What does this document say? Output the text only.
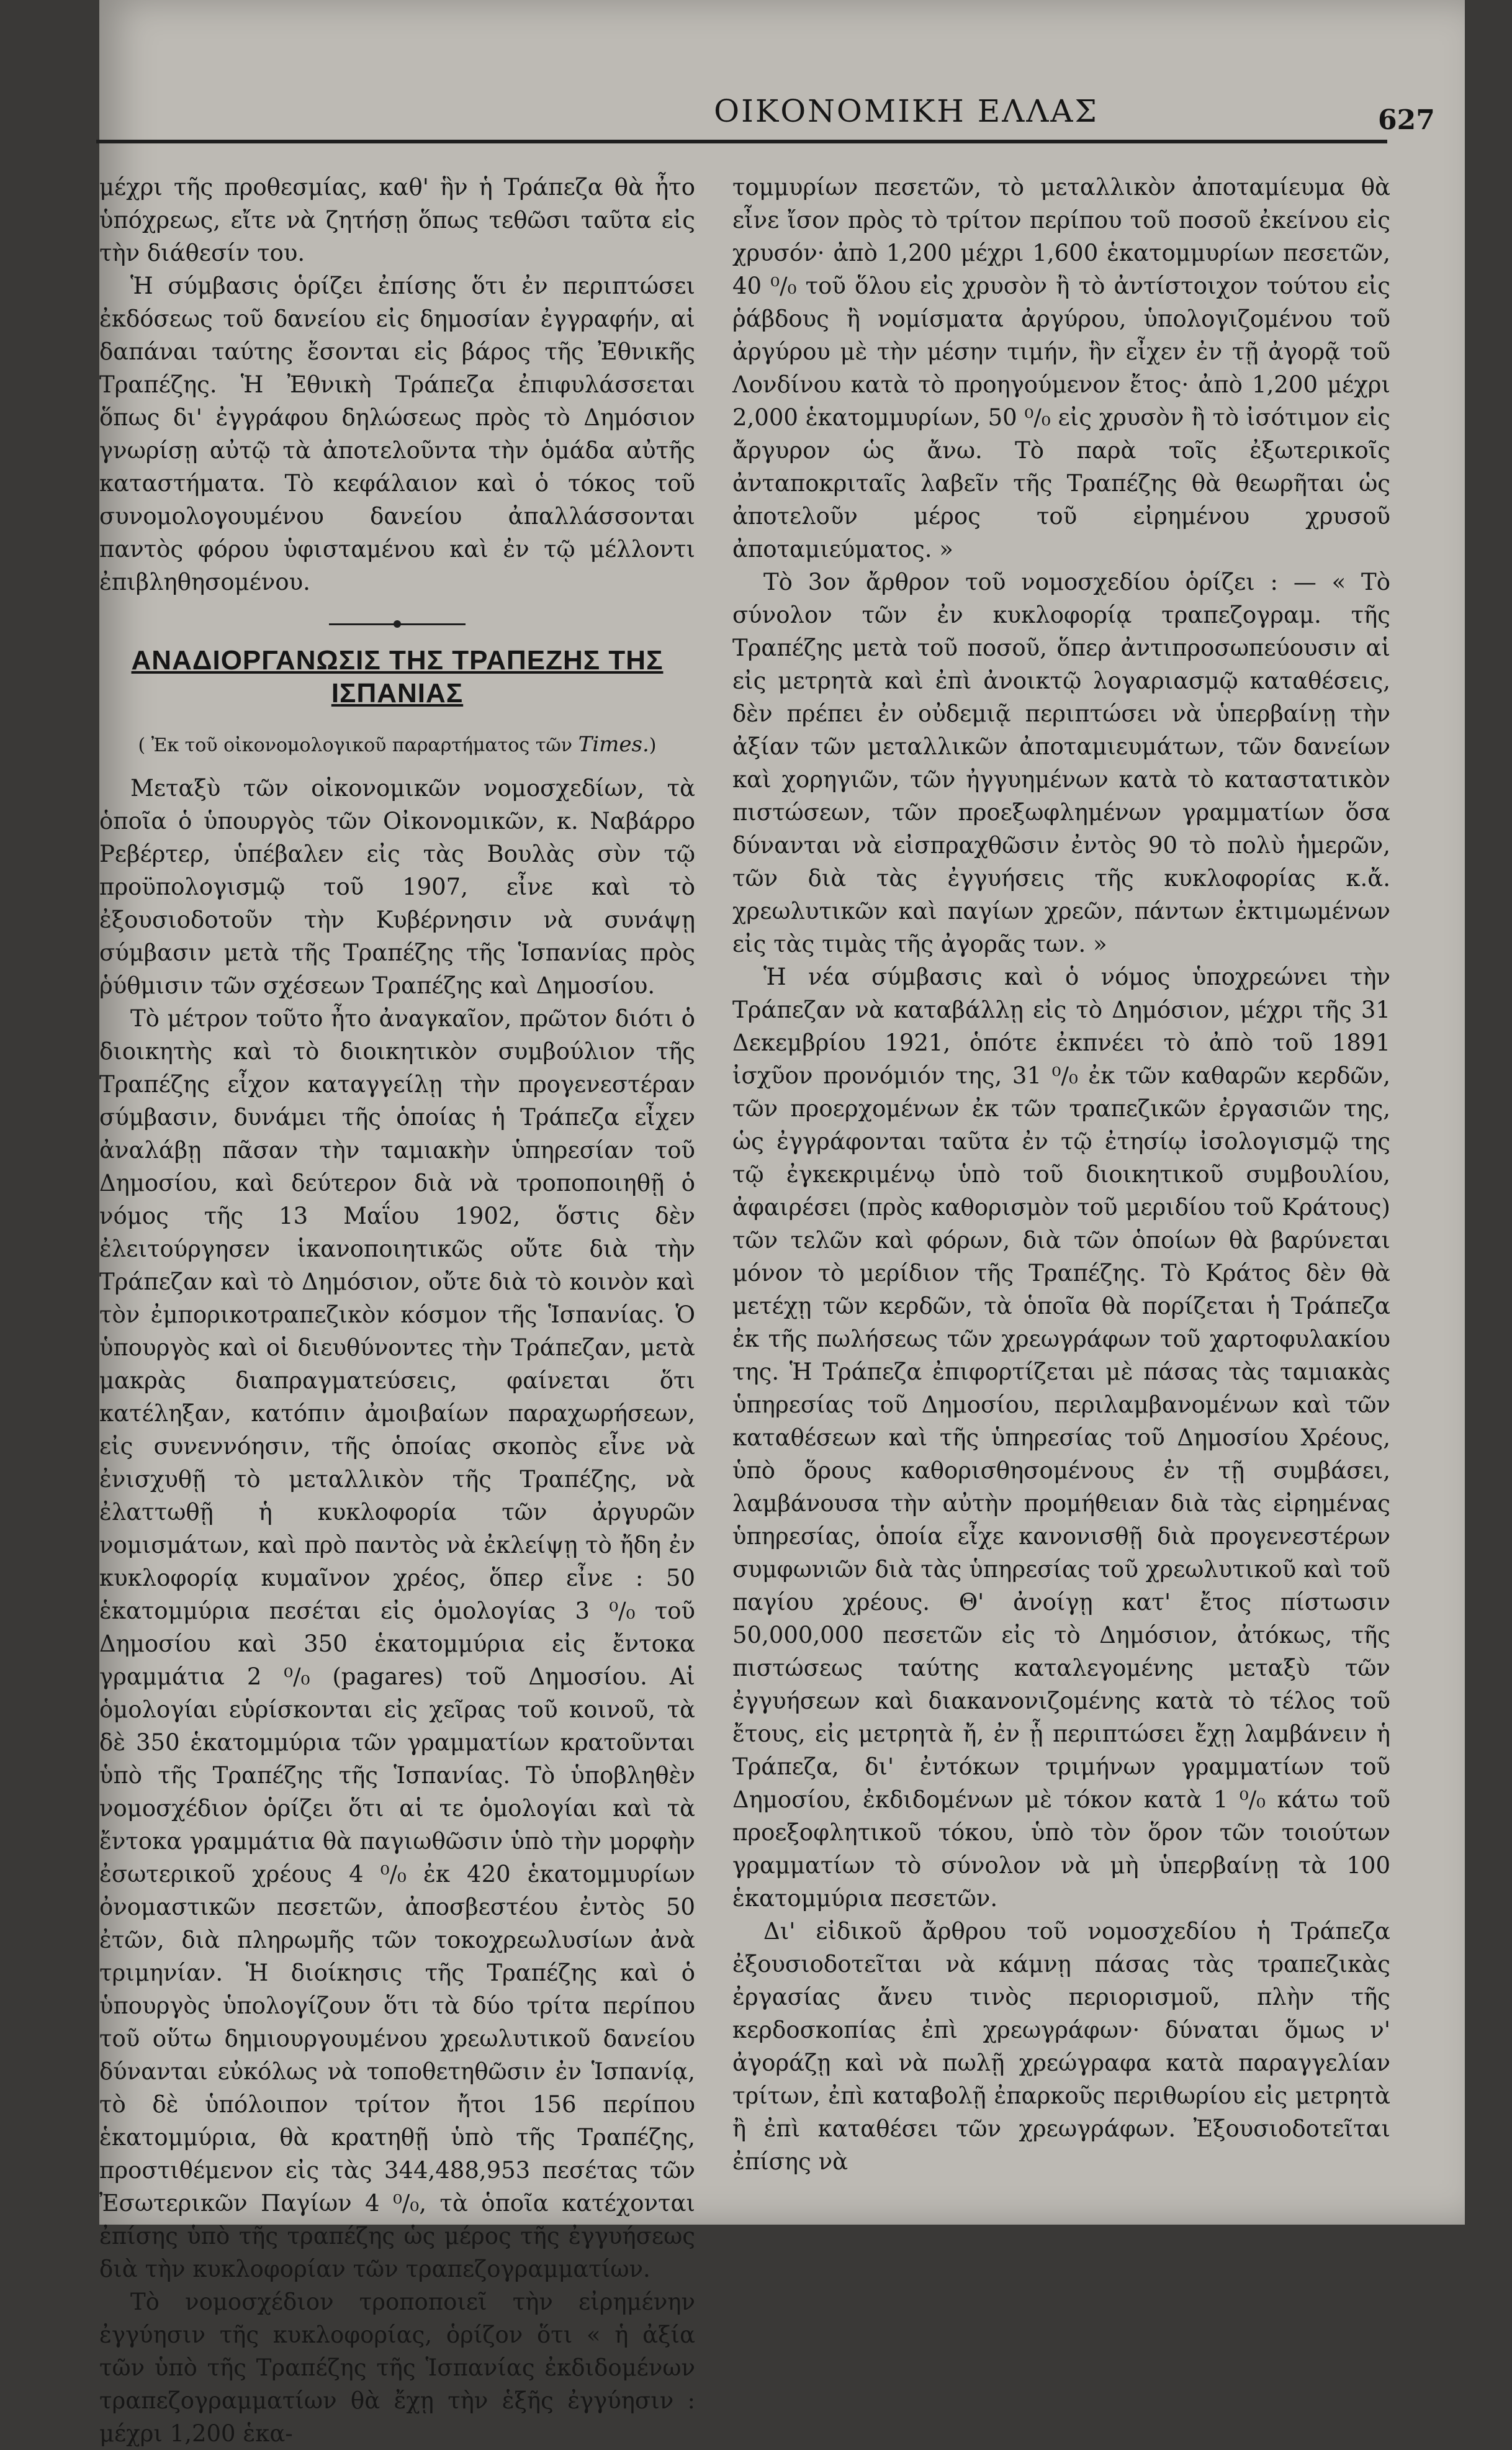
ΟΙΚΟΝΟΜΙΚΗ ΕΛΛΑΣ	627

μέχρι τῆς προθεσμίας, καθ' ἣν ἡ Τράπεζα θὰ ἦτο ὑπόχρεως, εἴτε νὰ ζητήσῃ ὅπως τεθῶσι ταῦτα εἰς τὴν διάθεσίν του.

Ἡ σύμβασις ὁρίζει ἐπίσης ὅτι ἐν περιπτώσει ἐκδόσεως τοῦ δανείου εἰς δημοσίαν ἐγγραφήν, αἱ δαπάναι ταύτης ἔσονται εἰς βάρος τῆς Ἐθνικῆς Τραπέζης. Ἡ Ἐθνικὴ Τράπεζα ἐπιφυλάσσεται ὅπως δι' ἐγγράφου δηλώσεως πρὸς τὸ Δημόσιον γνωρίσῃ αὐτῷ τὰ ἀποτελοῦντα τὴν ὁμάδα αὐτῆς καταστήματα. Τὸ κεφάλαιον καὶ ὁ τόκος τοῦ συνομολογουμένου δανείου ἀπαλλάσσονται παντὸς φόρου ὑφισταμένου καὶ ἐν τῷ μέλλοντι ἐπιβληθησομένου.

ΑΝΑΔΙΟΡΓΑΝΩΣΙΣ ΤΗΣ ΤΡΑΠΕΖΗΣ ΤΗΣ ΙΣΠΑΝΙΑΣ
( Ἐκ τοῦ οἰκονομολογικοῦ παραρτήματος τῶν Times.)

Μεταξὺ τῶν οἰκονομικῶν νομοσχεδίων, τὰ ὁποῖα ὁ ὑπουργὸς τῶν Οἰκονομικῶν, κ. Ναβάρρο Ρεβέρτερ, ὑπέβαλεν εἰς τὰς Βουλὰς σὺν τῷ προϋπολογισμῷ τοῦ 1907, εἶνε καὶ τὸ ἐξουσιοδοτοῦν τὴν Κυβέρνησιν νὰ συνάψῃ σύμβασιν μετὰ τῆς Τραπέζης τῆς Ἱσπανίας πρὸς ῥύθμισιν τῶν σχέσεων Τραπέζης καὶ Δημοσίου.

Τὸ μέτρον τοῦτο ἦτο ἀναγκαῖον, πρῶτον διότι ὁ διοικητὴς καὶ τὸ διοικητικὸν συμβούλιον τῆς Τραπέζης εἶχον καταγγείλῃ τὴν προγενεστέραν σύμβασιν, δυνάμει τῆς ὁποίας ἡ Τράπεζα εἶχεν ἀναλάβῃ πᾶσαν τὴν ταμιακὴν ὑπηρεσίαν τοῦ Δημοσίου, καὶ δεύτερον διὰ νὰ τροποποιηθῇ ὁ νόμος τῆς 13 Μαΐου 1902, ὅστις δὲν ἐλειτούργησεν ἱκανοποιητικῶς οὔτε διὰ τὴν Τράπεζαν καὶ τὸ Δημόσιον, οὔτε διὰ τὸ κοινὸν καὶ τὸν ἐμπορικοτραπεζικὸν κόσμον τῆς Ἱσπανίας. Ὁ ὑπουργὸς καὶ οἱ διευθύνοντες τὴν Τράπεζαν, μετὰ μακρὰς διαπραγματεύσεις, φαίνεται ὅτι κατέληξαν, κατόπιν ἀμοιβαίων παραχωρήσεων, εἰς συνεννόησιν, τῆς ὁποίας σκοπὸς εἶνε νὰ ἐνισχυθῇ τὸ μεταλλικὸν τῆς Τραπέζης, νὰ ἐλαττωθῇ ἡ κυκλοφορία τῶν ἀργυρῶν νομισμάτων, καὶ πρὸ παντὸς νὰ ἐκλείψῃ τὸ ἤδη ἐν κυκλοφορίᾳ κυμαῖνον χρέος, ὅπερ εἶνε : 50 ἑκατομμύρια πεσέται εἰς ὁμολογίας 3 ⁰/₀ τοῦ Δημοσίου καὶ 350 ἑκατομμύρια εἰς ἔντοκα γραμμάτια 2 ⁰/₀ (pagares) τοῦ Δημοσίου. Αἱ ὁμολογίαι εὑρίσκονται εἰς χεῖρας τοῦ κοινοῦ, τὰ δὲ 350 ἑκατομμύρια τῶν γραμματίων κρατοῦνται ὑπὸ τῆς Τραπέζης τῆς Ἱσπανίας. Τὸ ὑποβληθὲν νομοσχέδιον ὁρίζει ὅτι αἱ τε ὁμολογίαι καὶ τὰ ἔντοκα γραμμάτια θὰ παγιωθῶσιν ὑπὸ τὴν μορφὴν ἐσωτερικοῦ χρέους 4 ⁰/₀ ἐκ 420 ἑκατομμυρίων ὀνομαστικῶν πεσετῶν, ἀποσβεστέου ἐντὸς 50 ἐτῶν, διὰ πληρωμῆς τῶν τοκοχρεωλυσίων ἀνὰ τριμηνίαν. Ἡ διοίκησις τῆς Τραπέζης καὶ ὁ ὑπουργὸς ὑπολογίζουν ὅτι τὰ δύο τρίτα περίπου τοῦ οὕτω δημιουργουμένου χρεωλυτικοῦ δανείου δύνανται εὐκόλως νὰ τοποθετηθῶσιν ἐν Ἱσπανίᾳ, τὸ δὲ ὑπόλοιπον τρίτον ἤτοι 156 περίπου ἑκατομμύρια, θὰ κρατηθῇ ὑπὸ τῆς Τραπέζης, προστιθέμενον εἰς τὰς 344,488,953 πεσέτας τῶν Ἐσωτερικῶν Παγίων 4 ⁰/₀, τὰ ὁποῖα κατέχονται ἐπίσης ὑπὸ τῆς τραπέζης ὡς μέρος τῆς ἐγγυήσεως διὰ τὴν κυκλοφορίαν τῶν τραπεζογραμματίων.

Τὸ νομοσχέδιον τροποποιεῖ τὴν εἰρημένην ἐγγύησιν τῆς κυκλοφορίας, ὁρίζον ὅτι « ἡ ἀξία τῶν ὑπὸ τῆς Τραπέζης τῆς Ἱσπανίας ἐκδιδομένων τραπεζογραμματίων θὰ ἔχῃ τὴν ἑξῆς ἐγγύησιν : μέχρι 1,200 ἑκα-

τομμυρίων πεσετῶν, τὸ μεταλλικὸν ἀποταμίευμα θὰ εἶνε ἴσον πρὸς τὸ τρίτον περίπου τοῦ ποσοῦ ἐκείνου εἰς χρυσόν· ἀπὸ 1,200 μέχρι 1,600 ἑκατομμυρίων πεσετῶν, 40 ⁰/₀ τοῦ ὅλου εἰς χρυσὸν ἢ τὸ ἀντίστοιχον τούτου εἰς ῥάβδους ἢ νομίσματα ἀργύρου, ὑπολογιζομένου τοῦ ἀργύρου μὲ τὴν μέσην τιμήν, ἣν εἶχεν ἐν τῇ ἀγορᾷ τοῦ Λονδίνου κατὰ τὸ προηγούμενον ἔτος· ἀπὸ 1,200 μέχρι 2,000 ἑκατομμυρίων, 50 ⁰/₀ εἰς χρυσὸν ἢ τὸ ἰσότιμον εἰς ἄργυρον ὡς ἄνω. Τὸ παρὰ τοῖς ἐξωτερικοῖς ἀνταποκριταῖς λαβεῖν τῆς Τραπέζης θὰ θεωρῆται ὡς ἀποτελοῦν μέρος τοῦ εἰρημένου χρυσοῦ ἀποταμιεύματος. »

Τὸ 3ον ἄρθρον τοῦ νομοσχεδίου ὁρίζει : — « Τὸ σύνολον τῶν ἐν κυκλοφορίᾳ τραπεζογραμ. τῆς Τραπέζης μετὰ τοῦ ποσοῦ, ὅπερ ἀντιπροσωπεύουσιν αἱ εἰς μετρητὰ καὶ ἐπὶ ἀνοικτῷ λογαριασμῷ καταθέσεις, δὲν πρέπει ἐν οὐδεμιᾷ περιπτώσει νὰ ὑπερβαίνῃ τὴν ἀξίαν τῶν μεταλλικῶν ἀποταμιευμάτων, τῶν δανείων καὶ χορηγιῶν, τῶν ἠγγυημένων κατὰ τὸ καταστατικὸν πιστώσεων, τῶν προεξωφλημένων γραμματίων ὅσα δύνανται νὰ εἰσπραχθῶσιν ἐντὸς 90 τὸ πολὺ ἡμερῶν, τῶν διὰ τὰς ἐγγυήσεις τῆς κυκλοφορίας κ.ἄ. χρεωλυτικῶν καὶ παγίων χρεῶν, πάντων ἐκτιμωμένων εἰς τὰς τιμὰς τῆς ἀγορᾶς των. »

Ἡ νέα σύμβασις καὶ ὁ νόμος ὑποχρεώνει τὴν Τράπεζαν νὰ καταβάλλῃ εἰς τὸ Δημόσιον, μέχρι τῆς 31 Δεκεμβρίου 1921, ὁπότε ἐκπνέει τὸ ἀπὸ τοῦ 1891 ἰσχῦον προνόμιόν της, 31 ⁰/₀ ἐκ τῶν καθαρῶν κερδῶν, τῶν προερχομένων ἐκ τῶν τραπεζικῶν ἐργασιῶν της, ὡς ἐγγράφονται ταῦτα ἐν τῷ ἐτησίῳ ἰσολογισμῷ της τῷ ἐγκεκριμένῳ ὑπὸ τοῦ διοικητικοῦ συμβουλίου, ἀφαιρέσει (πρὸς καθορισμὸν τοῦ μεριδίου τοῦ Κράτους) τῶν τελῶν καὶ φόρων, διὰ τῶν ὁποίων θὰ βαρύνεται μόνον τὸ μερίδιον τῆς Τραπέζης. Τὸ Κράτος δὲν θὰ μετέχῃ τῶν κερδῶν, τὰ ὁποῖα θὰ πορίζεται ἡ Τράπεζα ἐκ τῆς πωλήσεως τῶν χρεωγράφων τοῦ χαρτοφυλακίου της. Ἡ Τράπεζα ἐπιφορτίζεται μὲ πάσας τὰς ταμιακὰς ὑπηρεσίας τοῦ Δημοσίου, περιλαμβανομένων καὶ τῶν καταθέσεων καὶ τῆς ὑπηρεσίας τοῦ Δημοσίου Χρέους, ὑπὸ ὅρους καθορισθησομένους ἐν τῇ συμβάσει, λαμβάνουσα τὴν αὐτὴν προμήθειαν διὰ τὰς εἰρημένας ὑπηρεσίας, ὁποία εἶχε κανονισθῇ διὰ προγενεστέρων συμφωνιῶν διὰ τὰς ὑπηρεσίας τοῦ χρεωλυτικοῦ καὶ τοῦ παγίου χρέους. Θ' ἀνοίγῃ κατ' ἔτος πίστωσιν 50,000,000 πεσετῶν εἰς τὸ Δημόσιον, ἀτόκως, τῆς πιστώσεως ταύτης καταλεγομένης μεταξὺ τῶν ἐγγυήσεων καὶ διακανονιζομένης κατὰ τὸ τέλος τοῦ ἔτους, εἰς μετρητὰ ἤ, ἐν ᾗ περιπτώσει ἔχῃ λαμβάνειν ἡ Τράπεζα, δι' ἐντόκων τριμήνων γραμματίων τοῦ Δημοσίου, ἐκδιδομένων μὲ τόκον κατὰ 1 ⁰/₀ κάτω τοῦ προεξοφλητικοῦ τόκου, ὑπὸ τὸν ὅρον τῶν τοιούτων γραμματίων τὸ σύνολον νὰ μὴ ὑπερβαίνῃ τὰ 100 ἑκατομμύρια πεσετῶν.

Δι' εἰδικοῦ ἄρθρου τοῦ νομοσχεδίου ἡ Τράπεζα ἐξουσιοδοτεῖται νὰ κάμνῃ πάσας τὰς τραπεζικὰς ἐργασίας ἄνευ τινὸς περιορισμοῦ, πλὴν τῆς κερδοσκοπίας ἐπὶ χρεωγράφων· δύναται ὅμως ν' ἀγοράζῃ καὶ νὰ πωλῇ χρεώγραφα κατὰ παραγγελίαν τρίτων, ἐπὶ καταβολῇ ἐπαρκοῦς περιθωρίου εἰς μετρητὰ ἢ ἐπὶ καταθέσει τῶν χρεωγράφων. Ἐξουσιοδοτεῖται ἐπίσης νὰ
